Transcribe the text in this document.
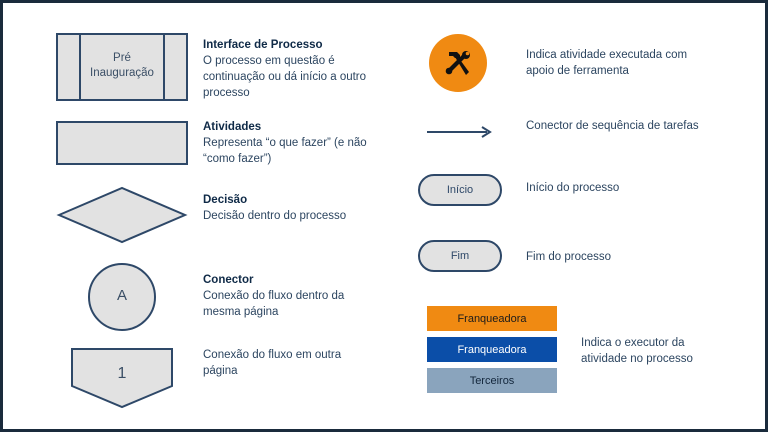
Pré
Inauguração
Interface de Processo
O processo em questão é continuação ou dá início a outro processo
Atividades
Representa “o que fazer” (e não “como fazer”)
Decisão
Decisão dentro do processo
A
Conector
Conexão do fluxo dentro da mesma página
1
Conexão do fluxo em outra página
Indica atividade executada com apoio de ferramenta
Conector de sequência de tarefas
Início	Início do processo
Fim	Fim do processo
Franqueadora
Franqueadora
Terceiros
Indica o executor da atividade no processo
